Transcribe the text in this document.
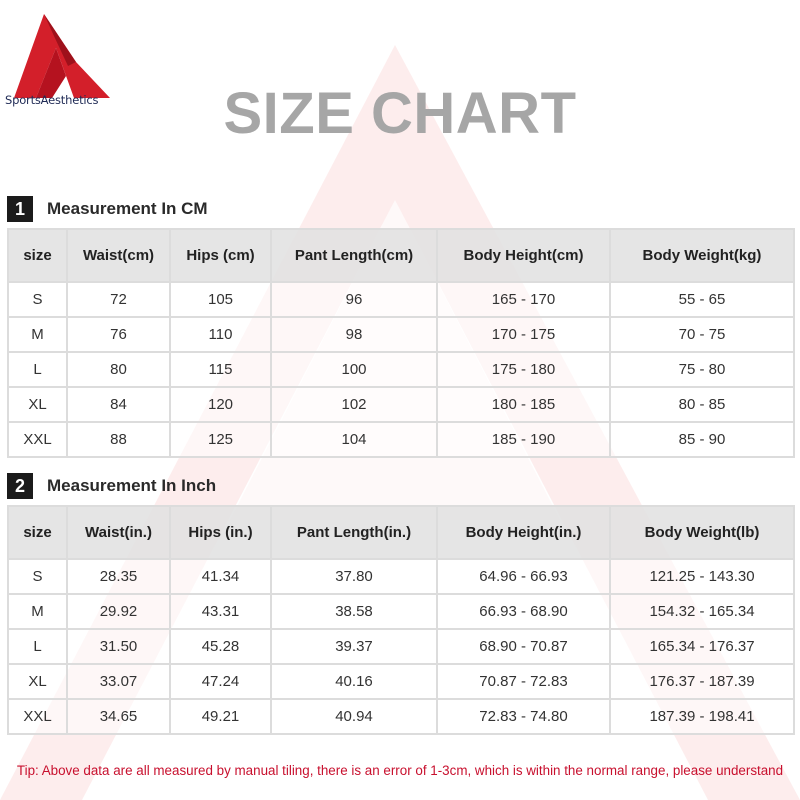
SportsAesthetics	SIZE CHART
1	Measurement In CM
size	Waist(cm)	Hips (cm)	Pant Length(cm)	Body Height(cm)	Body Weight(kg)
S	72	105	96	165 - 170	55 - 65
M	76	110	98	170 - 175	70 - 75
L	80	115	100	175 - 180	75 - 80
XL	84	120	102	180 - 185	80 - 85
XXL	88	125	104	185 - 190	85 - 90
2	Measurement In Inch
size	Waist(in.)	Hips (in.)	Pant Length(in.)	Body Height(in.)	Body Weight(lb)
S	28.35	41.34	37.80	64.96 - 66.93	121.25 - 143.30
M	29.92	43.31	38.58	66.93 - 68.90	154.32 - 165.34
L	31.50	45.28	39.37	68.90 - 70.87	165.34 - 176.37
XL	33.07	47.24	40.16	70.87 - 72.83	176.37 - 187.39
XXL	34.65	49.21	40.94	72.83 - 74.80	187.39 - 198.41
Tip: Above data are all measured by manual tiling, there is an error of 1-3cm, which is within the normal range, please understand
